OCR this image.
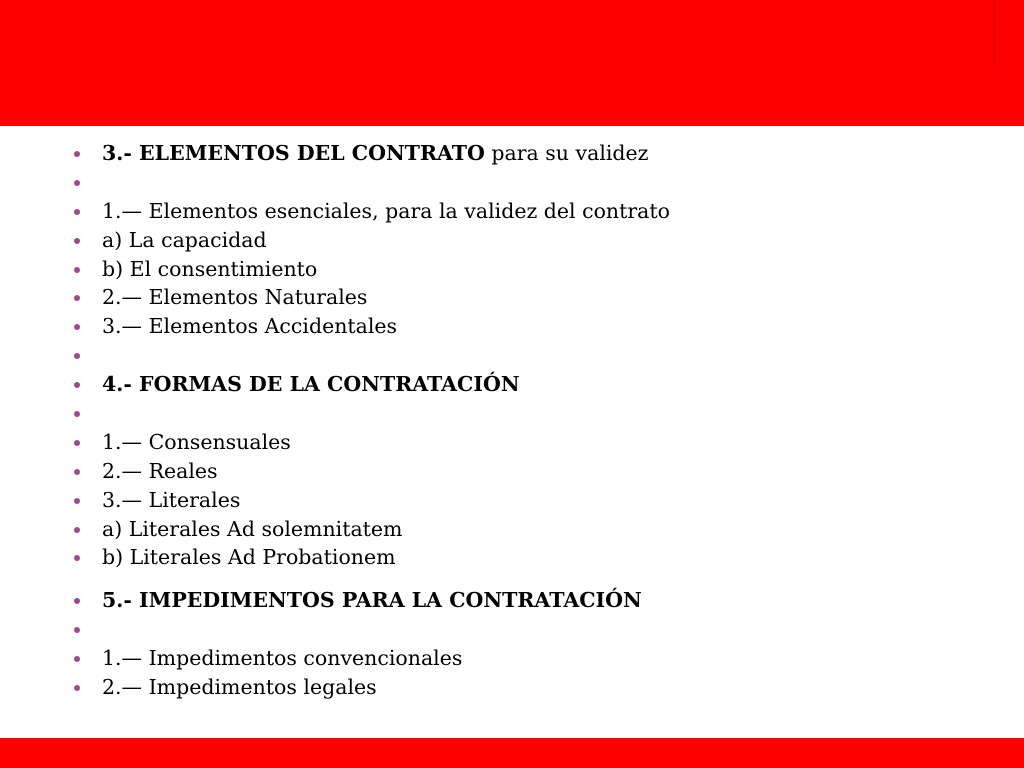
3.- ELEMENTOS DEL CONTRATO para su validez
1.— Elementos esenciales, para la validez del contrato
a) La capacidad
b) El consentimiento
2.— Elementos Naturales
3.— Elementos Accidentales
4.- FORMAS DE LA CONTRATACIÓN
1.— Consensuales
2.— Reales
3.— Literales
a) Literales Ad solemnitatem
b) Literales Ad Probationem
5.- IMPEDIMENTOS PARA LA CONTRATACIÓN
1.— Impedimentos convencionales
2.— Impedimentos legales
